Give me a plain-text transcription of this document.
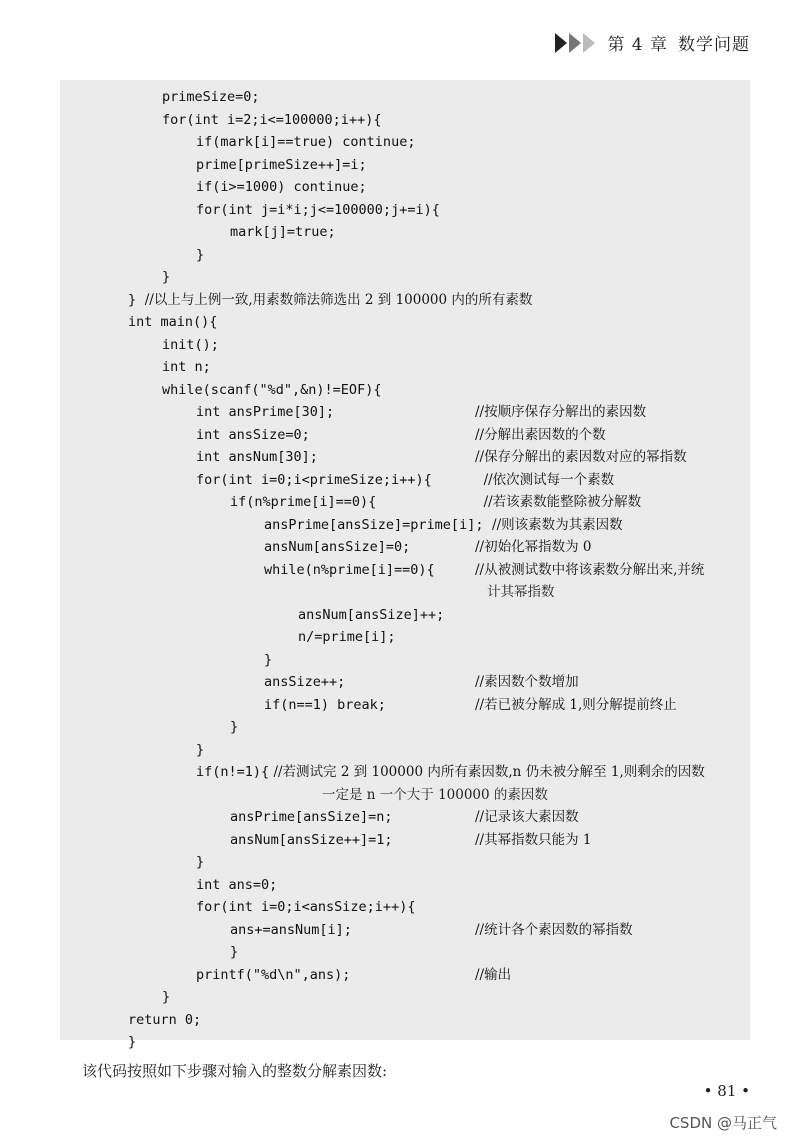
第 4 章 数学问题
primeSize=0;
for(int i=2;i<=100000;i++){
if(mark[i]==true) continue;
prime[primeSize++]=i;
if(i>=1000) continue;
for(int j=i*i;j<=100000;j+=i){
mark[j]=true;
}
}
}  //以上与上例一致,用素数筛法筛选出 2 到 100000 内的所有素数
int main(){
init();
int n;
while(scanf("%d",&n)!=EOF){
int ansPrime[30];	//按顺序保存分解出的素因数
int ansSize=0;	//分解出素因数的个数
int ansNum[30];	//保存分解出的素因数对应的幂指数
for(int i=0;i<primeSize;i++){	//依次测试每一个素数
if(n%prime[i]==0){	//若该素数能整除被分解数
ansPrime[ansSize]=prime[i];  //则该素数为其素因数
ansNum[ansSize]=0;	//初始化幂指数为 0
while(n%prime[i]==0){	//从被测试数中将该素数分解出来,并统
计其幂指数
ansNum[ansSize]++;
n/=prime[i];
}
ansSize++;	//素因数个数增加
if(n==1) break;	//若已被分解成 1,则分解提前终止
}
}
if(n!=1){ //若测试完 2 到 100000 内所有素因数,n 仍未被分解至 1,则剩余的因数
一定是 n 一个大于 100000 的素因数
ansPrime[ansSize]=n;	//记录该大素因数
ansNum[ansSize++]=1;	//其幂指数只能为 1
}
int ans=0;
for(int i=0;i<ansSize;i++){
ans+=ansNum[i];	//统计各个素因数的幂指数
}
printf("%d\n",ans);	//输出
}
return 0;
}
该代码按照如下步骤对输入的整数分解素因数:
• 81 •
CSDN @马正气
